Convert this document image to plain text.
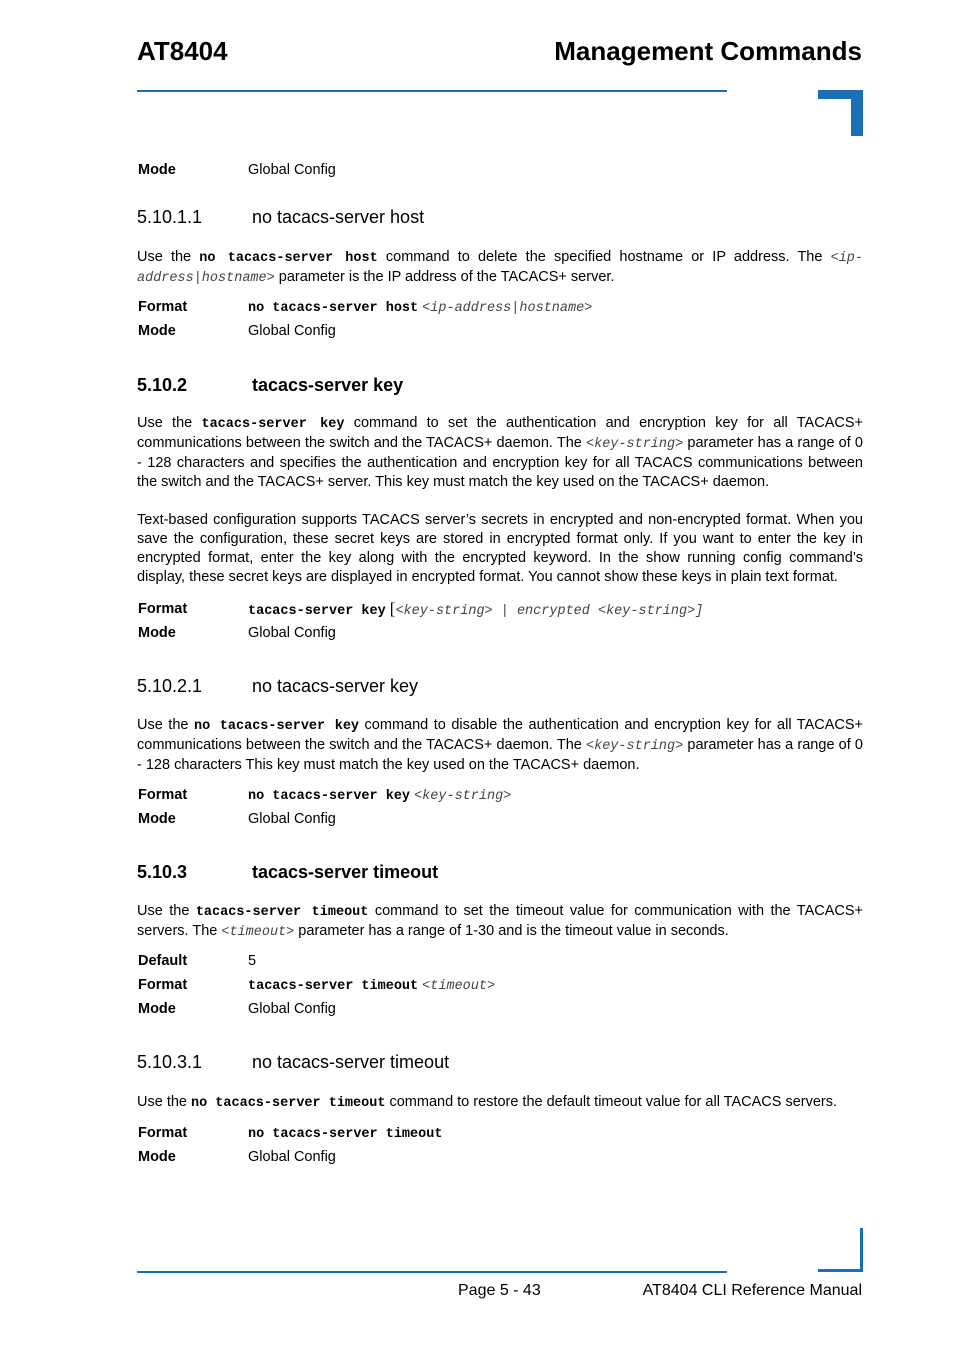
AT8404	Management Commands
Mode	Global Config
5.10.1.1	no tacacs-server host

Use the no tacacs-server host command to delete the specified hostname or IP address. The <ip-address|hostname> parameter is the IP address of the TACACS+ server.

Format	no tacacs-server host <ip-address|hostname>
Mode	Global Config
5.10.2	tacacs-server key

Use the tacacs-server key command to set the authentication and encryption key for all TACACS+ communications between the switch and the TACACS+ daemon. The <key-string> parameter has a range of 0 - 128 characters and specifies the authentication and encryption key for all TACACS communications between the switch and the TACACS+ server. This key must match the key used on the TACACS+ daemon.

Text-based configuration supports TACACS server’s secrets in encrypted and non-encrypted format. When you save the configuration, these secret keys are stored in encrypted format only. If you want to enter the key in encrypted format, enter the key along with the encrypted keyword. In the show running config command’s display, these secret keys are displayed in encrypted format. You cannot show these keys in plain text format.

Format	tacacs-server key [<key-string> | encrypted <key-string>]
Mode	Global Config
5.10.2.1	no tacacs-server key

Use the no tacacs-server key command to disable the authentication and encryption key for all TACACS+ communications between the switch and the TACACS+ daemon. The <key-string> parameter has a range of 0 - 128 characters This key must match the key used on the TACACS+ daemon.

Format	no tacacs-server key <key-string>
Mode	Global Config
5.10.3	tacacs-server timeout

Use the tacacs-server timeout command to set the timeout value for communication with the TACACS+ servers. The <timeout> parameter has a range of 1-30 and is the timeout value in seconds.

Default	5
Format	tacacs-server timeout <timeout>
Mode	Global Config
5.10.3.1	no tacacs-server timeout

Use the no tacacs-server timeout command to restore the default timeout value for all TACACS servers.

Format	no tacacs-server timeout
Mode	Global Config
Page 5 - 43	AT8404 CLI Reference Manual
